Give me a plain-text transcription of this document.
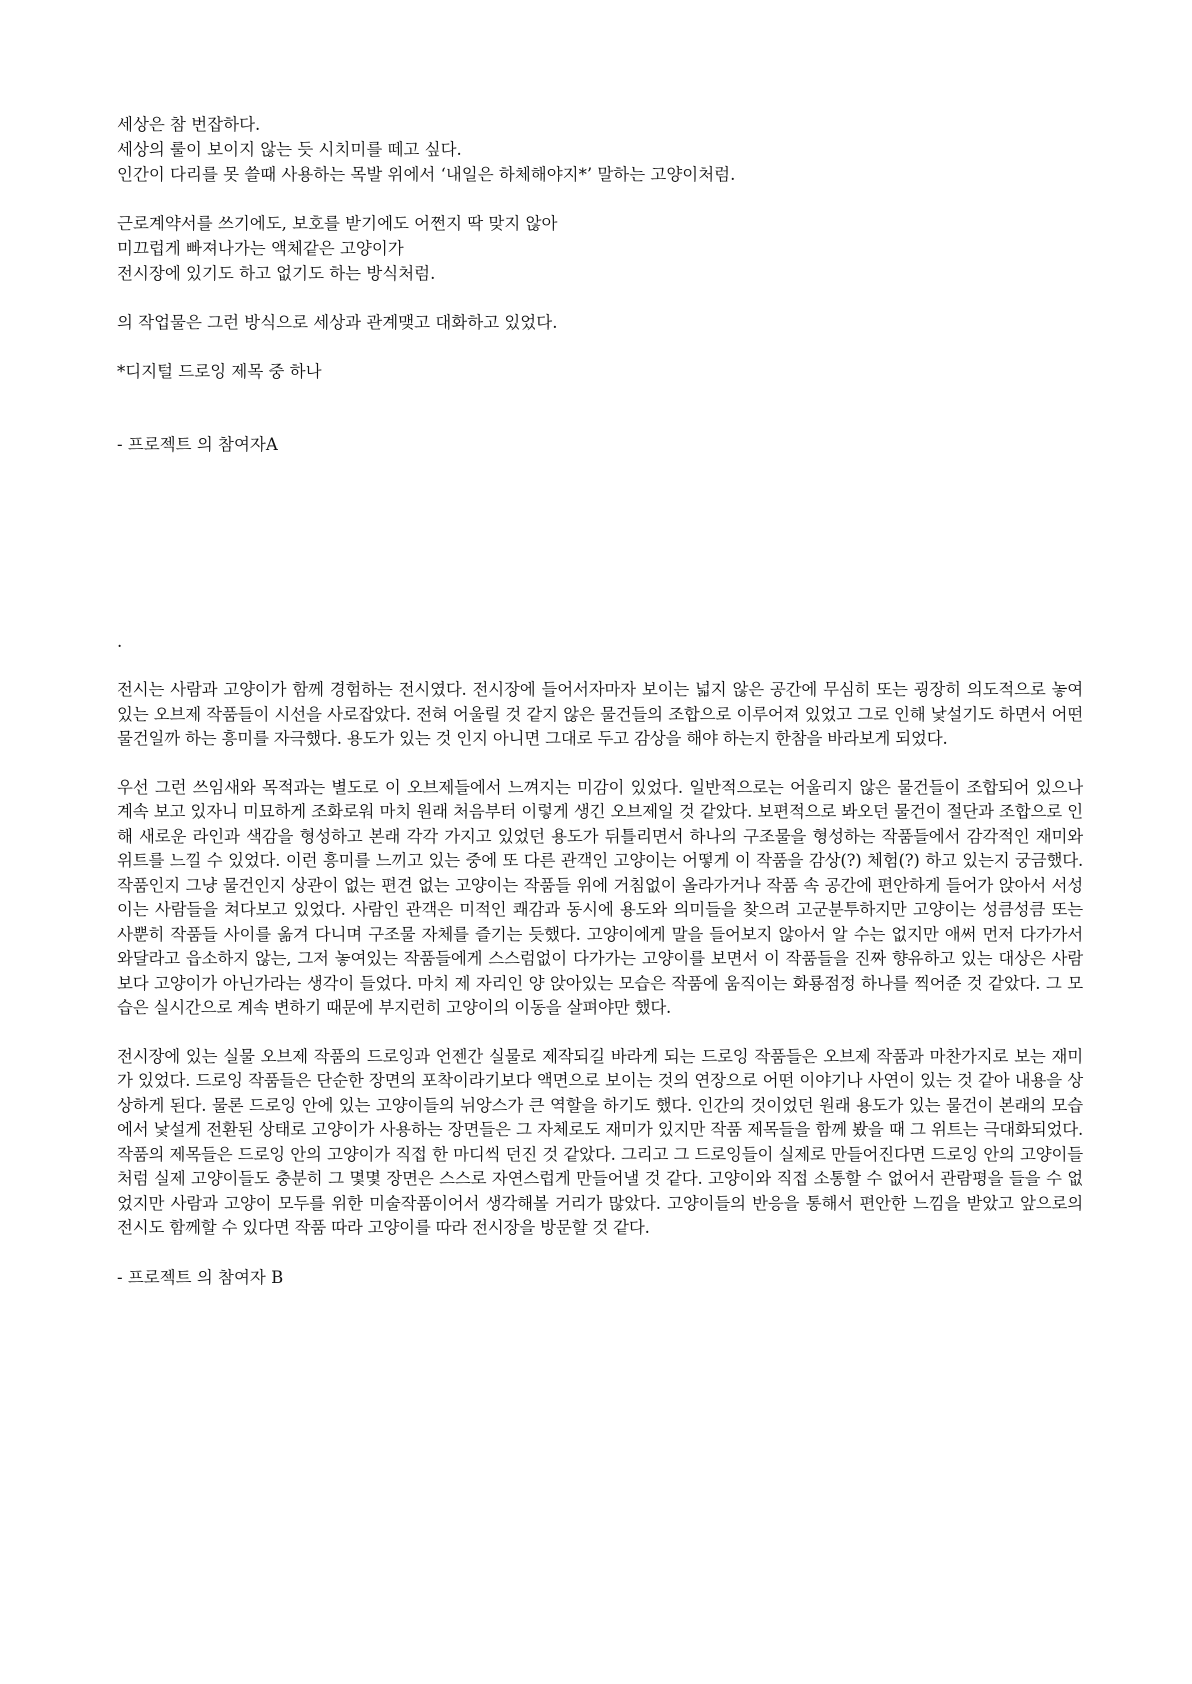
세상은 참 번잡하다.

세상의 룰이 보이지 않는 듯 시치미를 떼고 싶다.

인간이 다리를 못 쓸때 사용하는 목발 위에서 ‘내일은 하체해야지*’ 말하는 고양이처럼.

근로계약서를 쓰기에도, 보호를 받기에도 어쩐지 딱 맞지 않아

미끄럽게 빠져나가는 액체같은 고양이가

전시장에 있기도 하고 없기도 하는 방식처럼.

의 작업물은 그런 방식으로 세상과 관계맺고 대화하고 있었다.

*디지털 드로잉 제목 중 하나

- 프로젝트 의 참여자A

.

전시는 사람과 고양이가 함께 경험하는 전시였다. 전시장에 들어서자마자 보이는 넓지 않은 공간에 무심히 또는 굉장히 의도적으로 놓여있는 오브제 작품들이 시선을 사로잡았다. 전혀 어울릴 것 같지 않은 물건들의 조합으로 이루어져 있었고 그로 인해 낯설기도 하면서 어떤 물건일까 하는 흥미를 자극했다. 용도가 있는 것 인지 아니면 그대로 두고 감상을 해야 하는지 한참을 바라보게 되었다.

우선 그런 쓰임새와 목적과는 별도로 이 오브제들에서 느껴지는 미감이 있었다. 일반적으로는 어울리지 않은 물건들이 조합되어 있으나 계속 보고 있자니 미묘하게 조화로워 마치 원래 처음부터 이렇게 생긴 오브제일 것 같았다. 보편적으로 봐오던 물건이 절단과 조합으로 인해 새로운 라인과 색감을 형성하고 본래 각각 가지고 있었던 용도가 뒤틀리면서 하나의 구조물을 형성하는 작품들에서 감각적인 재미와 위트를 느낄 수 있었다. 이런 흥미를 느끼고 있는 중에 또 다른 관객인 고양이는 어떻게 이 작품을 감상(?) 체험(?) 하고 있는지 궁금했다. 작품인지 그냥 물건인지 상관이 없는 편견 없는 고양이는 작품들 위에 거침없이 올라가거나 작품 속 공간에 편안하게 들어가 앉아서 서성이는 사람들을 쳐다보고 있었다. 사람인 관객은 미적인 쾌감과 동시에 용도와 의미들을 찾으려 고군분투하지만 고양이는 성큼성큼 또는 사뿐히 작품들 사이를 옮겨 다니며 구조물 자체를 즐기는 듯했다. 고양이에게 말을 들어보지 않아서 알 수는 없지만 애써 먼저 다가가서 와달라고 읍소하지 않는, 그저 놓여있는 작품들에게 스스럼없이 다가가는 고양이를 보면서 이 작품들을 진짜 향유하고 있는 대상은 사람보다 고양이가 아닌가라는 생각이 들었다. 마치 제 자리인 양 앉아있는 모습은 작품에 움직이는 화룡점정 하나를 찍어준 것 같았다. 그 모습은 실시간으로 계속 변하기 때문에 부지런히 고양이의 이동을 살펴야만 했다.

전시장에 있는 실물 오브제 작품의 드로잉과 언젠간 실물로 제작되길 바라게 되는 드로잉 작품들은 오브제 작품과 마찬가지로 보는 재미가 있었다. 드로잉 작품들은 단순한 장면의 포착이라기보다 액면으로 보이는 것의 연장으로 어떤 이야기나 사연이 있는 것 같아 내용을 상상하게 된다. 물론 드로잉 안에 있는 고양이들의 뉘앙스가 큰 역할을 하기도 했다. 인간의 것이었던 원래 용도가 있는 물건이 본래의 모습에서 낯설게 전환된 상태로 고양이가 사용하는 장면들은 그 자체로도 재미가 있지만 작품 제목들을 함께 봤을 때 그 위트는 극대화되었다. 작품의 제목들은 드로잉 안의 고양이가 직접 한 마디씩 던진 것 같았다. 그리고 그 드로잉들이 실제로 만들어진다면 드로잉 안의 고양이들처럼 실제 고양이들도 충분히 그 몇몇 장면은 스스로 자연스럽게 만들어낼 것 같다. 고양이와 직접 소통할 수 없어서 관람평을 들을 수 없었지만 사람과 고양이 모두를 위한 미술작품이어서 생각해볼 거리가 많았다. 고양이들의 반응을 통해서 편안한 느낌을 받았고 앞으로의 전시도 함께할 수 있다면 작품 따라 고양이를 따라 전시장을 방문할 것 같다.

- 프로젝트 의 참여자 B
